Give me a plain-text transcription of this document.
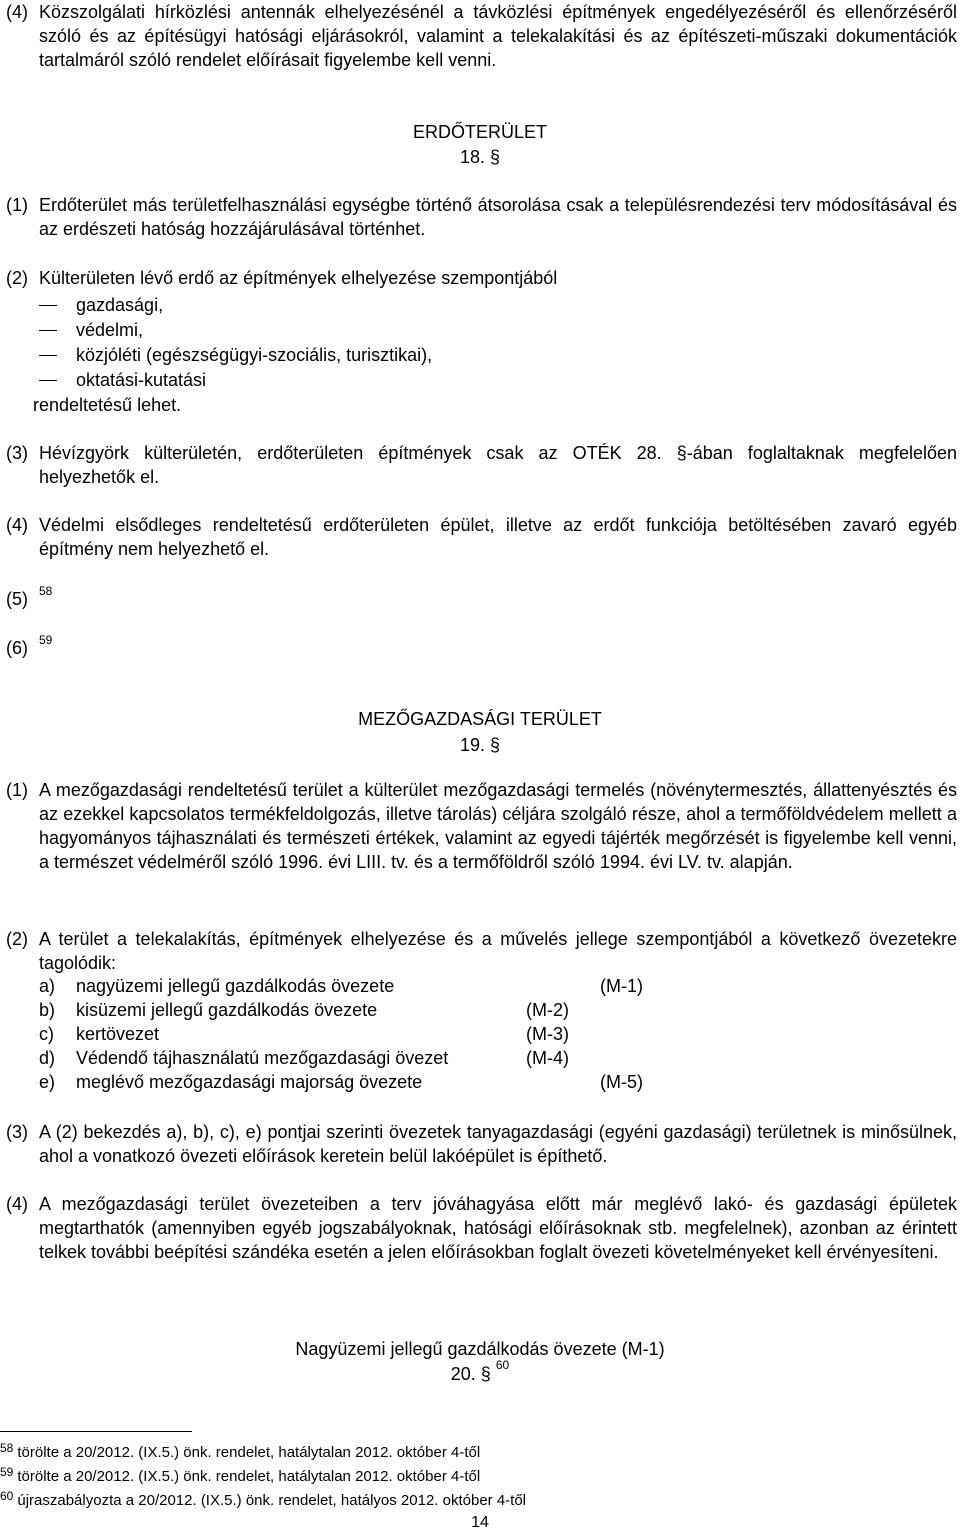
(4) Közszolgálati hírközlési antennák elhelyezésénél a távközlési építmények engedélyezéséről és ellenőrzéséről szóló és az építésügyi hatósági eljárásokról, valamint a telekalakítási és az építészeti-műszaki dokumentációk tartalmáról szóló rendelet előírásait figyelembe kell venni.
ERDŐTERÜLET
18. §
(1) Erdőterület más területfelhasználási egységbe történő átsorolása csak a településrendezési terv módosításával és az erdészeti hatóság hozzájárulásával történhet.
(2) Külterületen lévő erdő az építmények elhelyezése szempontjából
gazdasági,
védelmi,
közjóléti (egészségügyi-szociális, turisztikai),
oktatási-kutatási
rendeltetésű lehet.
(3) Hévízgyörk külterületén, erdőterületen építmények csak az OTÉK 28. §-ában foglaltaknak megfelelően helyezhetők el.
(4) Védelmi elsődleges rendeltetésű erdőterületen épület, illetve az erdőt funkciója betöltésében zavaró egyéb építmény nem helyezhető el.
(5) 58
(6) 59
MEZŐGAZDASÁGI TERÜLET
19. §
(1) A mezőgazdasági rendeltetésű terület a külterület mezőgazdasági termelés (növénytermesztés, állattenyésztés és az ezekkel kapcsolatos termékfeldolgozás, illetve tárolás) céljára szolgáló része, ahol a termőföldvédelem mellett a hagyományos tájhasználati és természeti értékek, valamint az egyedi tájérték megőrzését is figyelembe kell venni, a természet védelméről szóló 1996. évi LIII. tv. és a termőföldről szóló 1994. évi LV. tv. alapján.
(2) A terület a telekalakítás, építmények elhelyezése és a művelés jellege szempontjából a következő övezetekre tagolódik:
a) nagyüzemi jellegű gazdálkodás övezete	(M-1)
b) kisüzemi jellegű gazdálkodás övezete	(M-2)
c) kertövezet	(M-3)
d) Védendő tájhasználatú mezőgazdasági övezet	(M-4)
e) meglévő mezőgazdasági majorság övezete	(M-5)
(3) A (2) bekezdés a), b), c), e) pontjai szerinti övezetek tanyagazdasági (egyéni gazdasági) területnek is minősülnek, ahol a vonatkozó övezeti előírások keretein belül lakóépület is építhető.
(4) A mezőgazdasági terület övezeteiben a terv jóváhagyása előtt már meglévő lakó- és gazdasági épületek megtarthatók (amennyiben egyéb jogszabályoknak, hatósági előírásoknak stb. megfelelnek), azonban az érintett telkek további beépítési szándéka esetén a jelen előírásokban foglalt övezeti követelményeket kell érvényesíteni.
Nagyüzemi jellegű gazdálkodás övezete (M-1)
20. § $^{60}$
$^{58}$ törölte a 20/2012. (IX.5.) önk. rendelet, hatálytalan 2012. október 4-től
$^{59}$ törölte a 20/2012. (IX.5.) önk. rendelet, hatálytalan 2012. október 4-től
$^{60}$ újraszabályozta a 20/2012. (IX.5.) önk. rendelet, hatályos 2012. október 4-től
14
